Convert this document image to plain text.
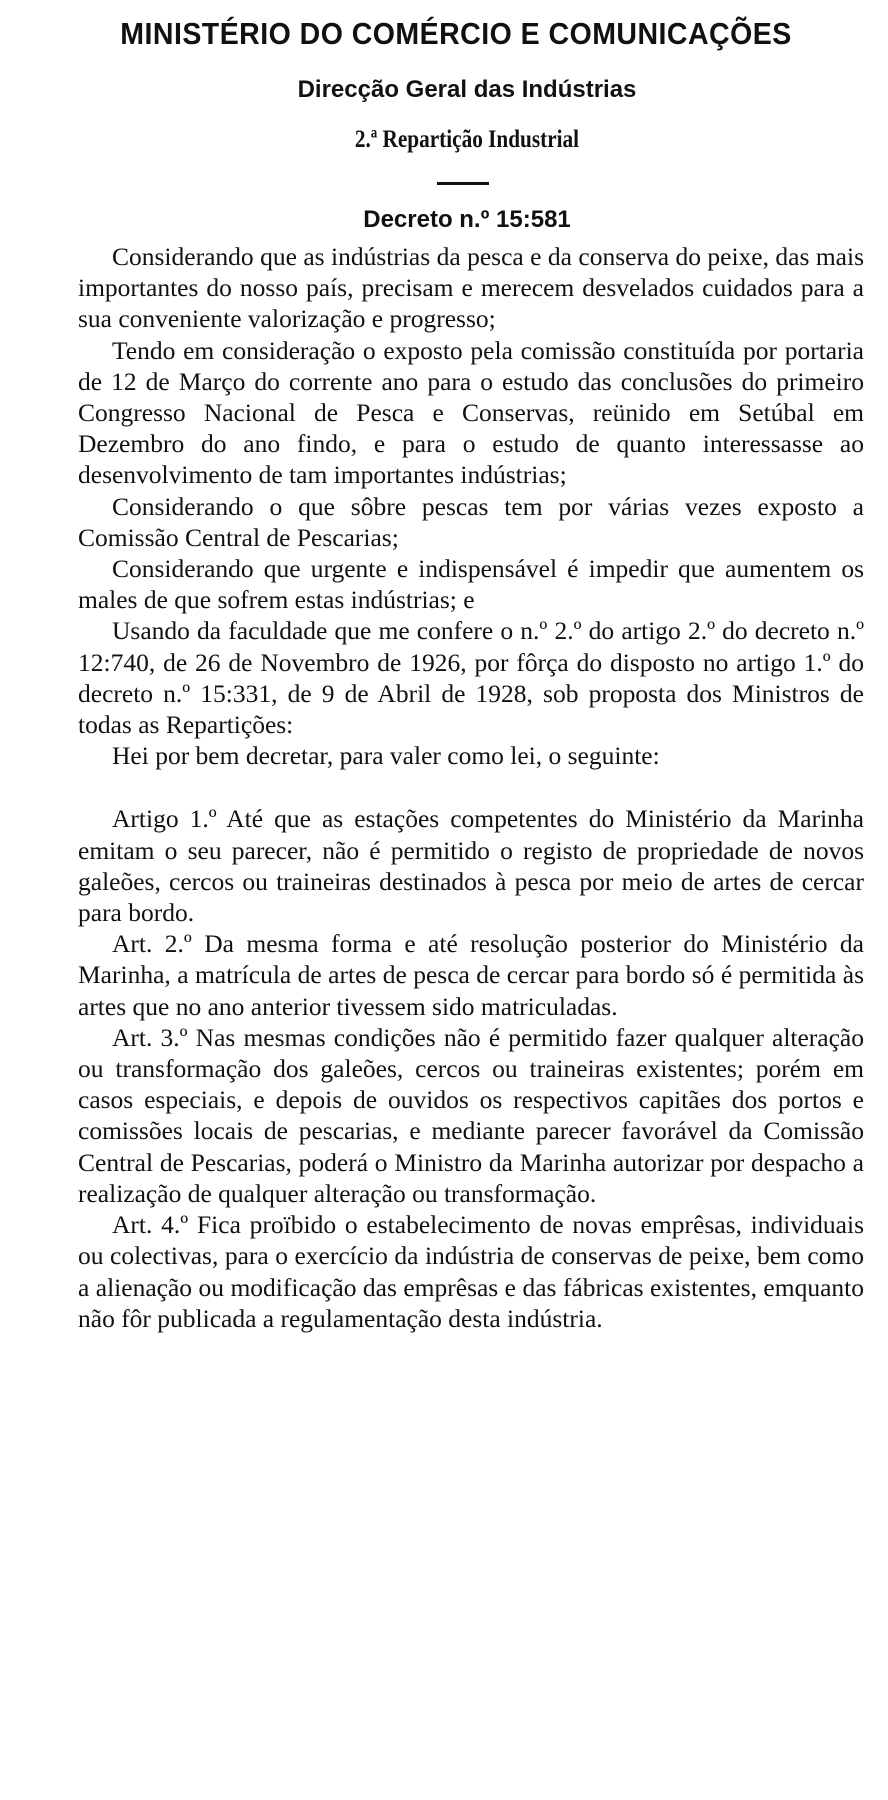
MINISTÉRIO DO COMÉRCIO E COMUNICAÇÕES
Direcção Geral das Indústrias
2.ª Repartição Industrial
Decreto n.º 15:581

Considerando que as indústrias da pesca e da conserva do peixe, das mais importantes do nosso país, precisam e merecem desvelados cuidados para a sua conveniente valorização e progresso;

Tendo em consideração o exposto pela comissão constituída por portaria de 12 de Março do corrente ano para o estudo das conclusões do primeiro Congresso Nacional de Pesca e Conservas, reünido em Setúbal em Dezembro do ano findo, e para o estudo de quanto interessasse ao desenvolvimento de tam importantes indústrias;

Considerando o que sôbre pescas tem por várias vezes exposto a Comissão Central de Pescarias;

Considerando que urgente e indispensável é impedir que aumentem os males de que sofrem estas indústrias; e

Usando da faculdade que me confere o n.º 2.º do artigo 2.º do decreto n.º 12:740, de 26 de Novembro de 1926, por fôrça do disposto no artigo 1.º do decreto n.º 15:331, de 9 de Abril de 1928, sob proposta dos Ministros de todas as Repartições:

Hei por bem decretar, para valer como lei, o seguinte:

Artigo 1.º Até que as estações competentes do Ministério da Marinha emitam o seu parecer, não é permitido o registo de propriedade de novos galeões, cercos ou traineiras destinados à pesca por meio de artes de cercar para bordo.

Art. 2.º Da mesma forma e até resolução posterior do Ministério da Marinha, a matrícula de artes de pesca de cercar para bordo só é permitida às artes que no ano anterior tivessem sido matriculadas.

Art. 3.º Nas mesmas condições não é permitido fazer qualquer alteração ou transformação dos galeões, cercos ou traineiras existentes; porém em casos especiais, e depois de ouvidos os respectivos capitães dos portos e comissões locais de pescarias, e mediante parecer favorável da Comissão Central de Pescarias, poderá o Ministro da Marinha autorizar por despacho a realização de qualquer alteração ou transformação.

Art. 4.º Fica proïbido o estabelecimento de novas emprêsas, individuais ou colectivas, para o exercício da indústria de conservas de peixe, bem como a alienação ou modificação das emprêsas e das fábricas existentes, emquanto não fôr publicada a regulamentação desta indústria.
